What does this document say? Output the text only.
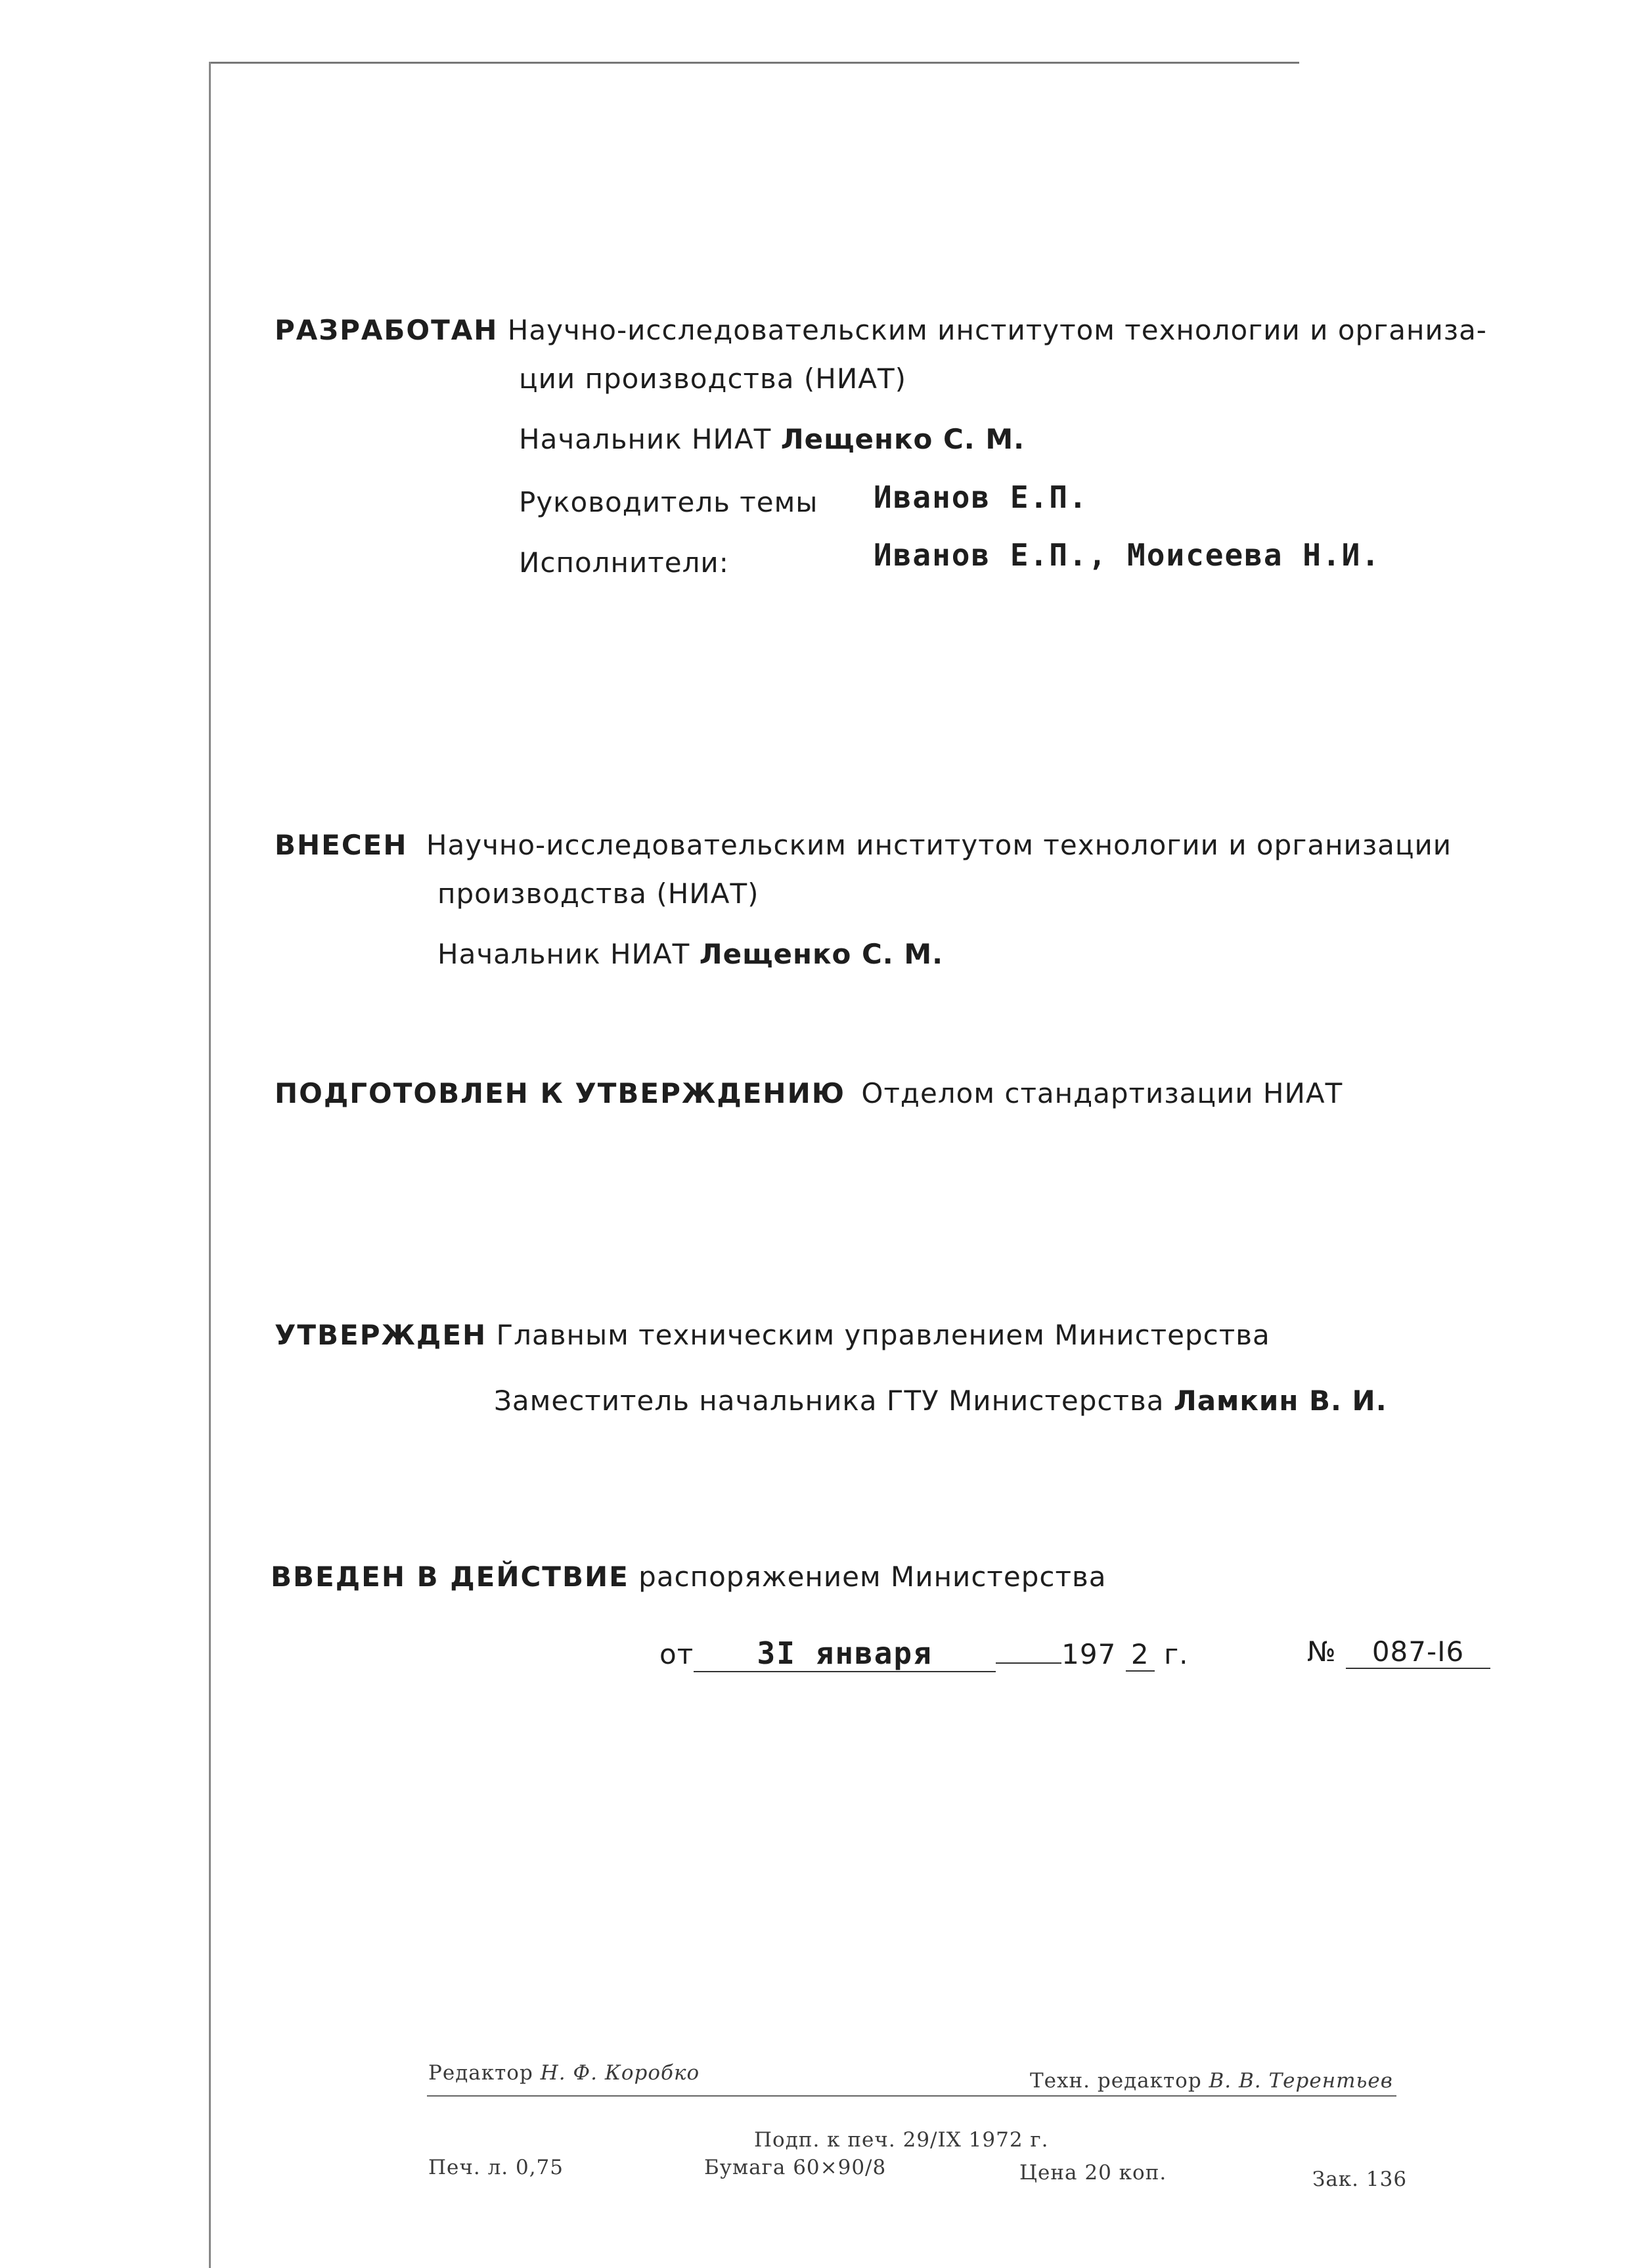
РАЗРАБОТАН Научно-исследовательским институтом технологии и организа-
ции производства (НИАТ)
Начальник НИАТ Лещенко С. М.
Руководитель темы Иванов Е.П.
Исполнители:	Иванов Е.П., Моисеева Н.И.
ВНЕСЕН Научно-исследовательским институтом технологии и организации
производства (НИАТ)
Начальник НИАТ Лещенко С. М.
ПОДГОТОВЛЕН К УТВЕРЖДЕНИЮ Отделом стандартизации НИАТ
УТВЕРЖДЕН Главным техническим управлением Министерства
Заместитель начальника ГТУ Министерства Ламкин В. И.
ВВЕДЕН В ДЕЙСТВИЕ распоряжением Министерства
от 3I января	197 2 г.	№ 087-I6
Редактор Н. Ф. Коробко	Техн. редактор В. В. Терентьев
Подп. к печ. 29/IX 1972 г.
Печ. л. 0,75	Бумага 60×90/8	Цена 20 коп.	Зак. 136
